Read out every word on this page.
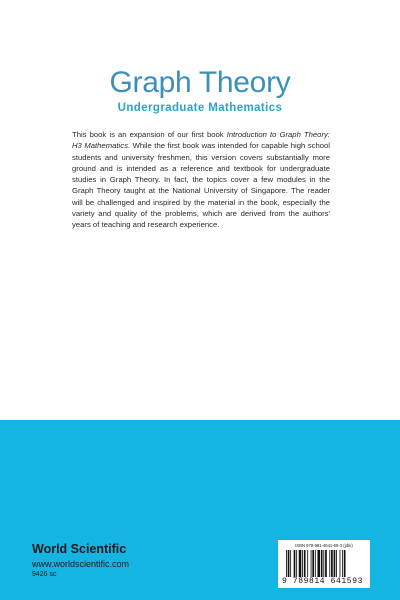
Graph Theory
Undergraduate Mathematics
This book is an expansion of our first book Introduction to Graph Theory: H3 Mathematics. While the first book was intended for capable high school students and university freshmen, this version covers substantially more ground and is intended as a reference and textbook for undergraduate studies in Graph Theory. In fact, the topics cover a few modules in the Graph Theory taught at the National University of Singapore. The reader will be challenged and inspired by the material in the book, especially the variety and quality of the problems, which are derived from the authors' years of teaching and research experience.
World Scientific
www.worldscientific.com
9426 sc
ISBN 978-981-4641-59-3 (pbk)
9 789814 641593
